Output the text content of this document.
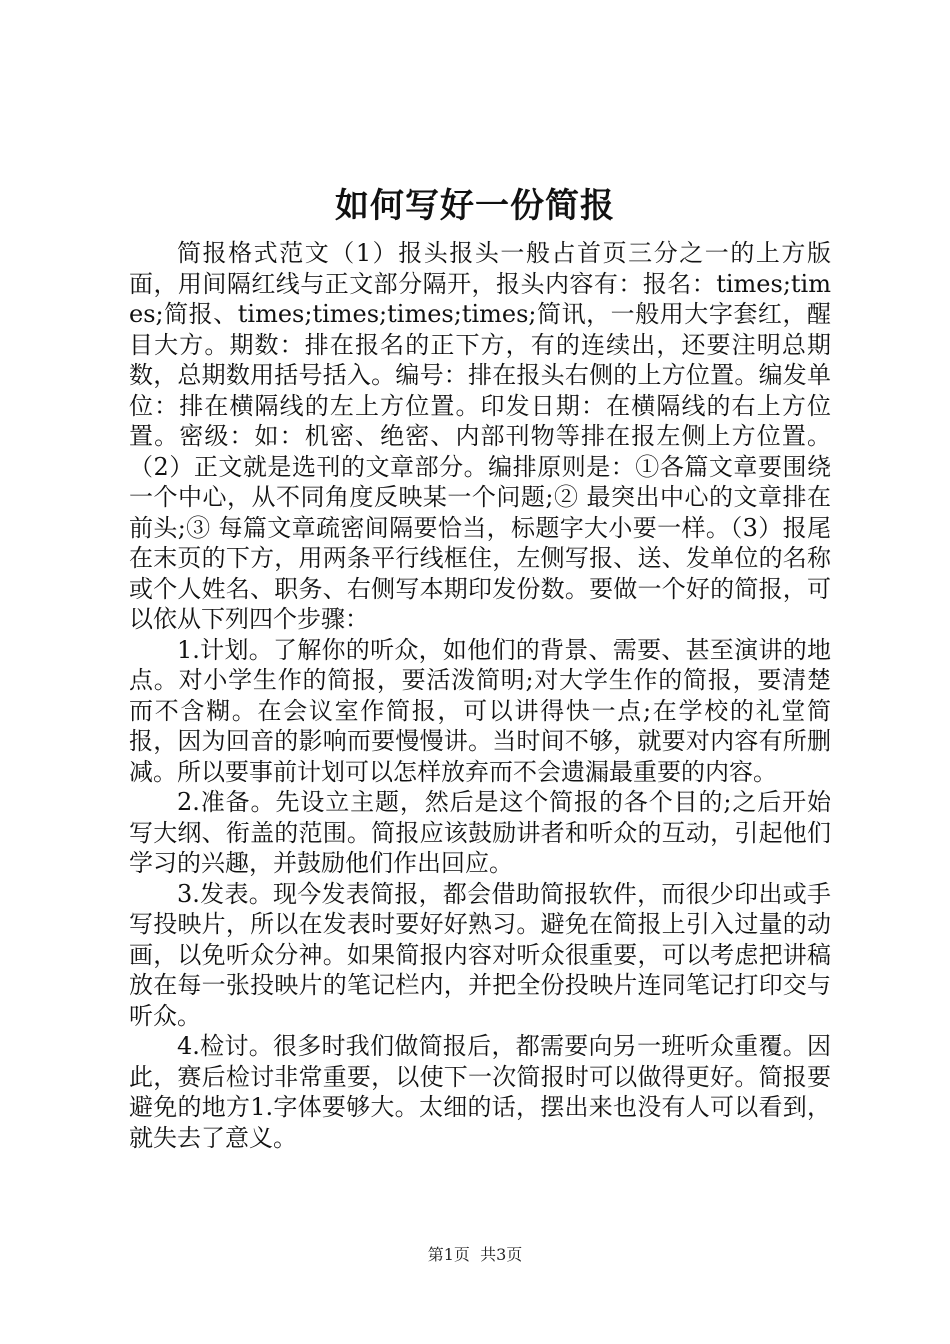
如何写好一份简报

简报格式范文（1）报头报头一般占首页三分之一的上方版面，用间隔红线与正文部分隔开，报头内容有：报名：times;times;简报、times;times;times;times;简讯，一般用大字套红，醒目大方。期数：排在报名的正下方，有的连续出，还要注明总期数，总期数用括号括入。编号：排在报头右侧的上方位置。编发单位：排在横隔线的左上方位置。印发日期：在横隔线的右上方位置。密级：如：机密、绝密、内部刊物等排在报左侧上方位置。（2）正文就是选刊的文章部分。编排原则是：①各篇文章要围绕一个中心，从不同角度反映某一个问题;② 最突出中心的文章排在前头;③ 每篇文章疏密间隔要恰当，标题字大小要一样。（3）报尾在末页的下方，用两条平行线框住，左侧写报、送、发单位的名称或个人姓名、职务、右侧写本期印发份数。要做一个好的简报，可以依从下列四个步骤：

1.计划。了解你的听众，如他们的背景、需要、甚至演讲的地点。对小学生作的简报，要活泼简明;对大学生作的简报，要清楚而不含糊。在会议室作简报，可以讲得快一点;在学校的礼堂简报，因为回音的影响而要慢慢讲。当时间不够，就要对内容有所删减。所以要事前计划可以怎样放弃而不会遗漏最重要的内容。

2.准备。先设立主题，然后是这个简报的各个目的;之后开始写大纲、衔盖的范围。简报应该鼓励讲者和听众的互动，引起他们学习的兴趣，并鼓励他们作出回应。

3.发表。现今发表简报，都会借助简报软件，而很少印出或手写投映片，所以在发表时要好好熟习。避免在简报上引入过量的动画，以免听众分神。如果简报内容对听众很重要，可以考虑把讲稿放在每一张投映片的笔记栏内，并把全份投映片连同笔记打印交与听众。

4.检讨。很多时我们做简报后，都需要向另一班听众重覆。因此，赛后检讨非常重要，以使下一次简报时可以做得更好。简报要避免的地方1.字体要够大。太细的话，摆出来也没有人可以看到，就失去了意义。

第1页 共3页
